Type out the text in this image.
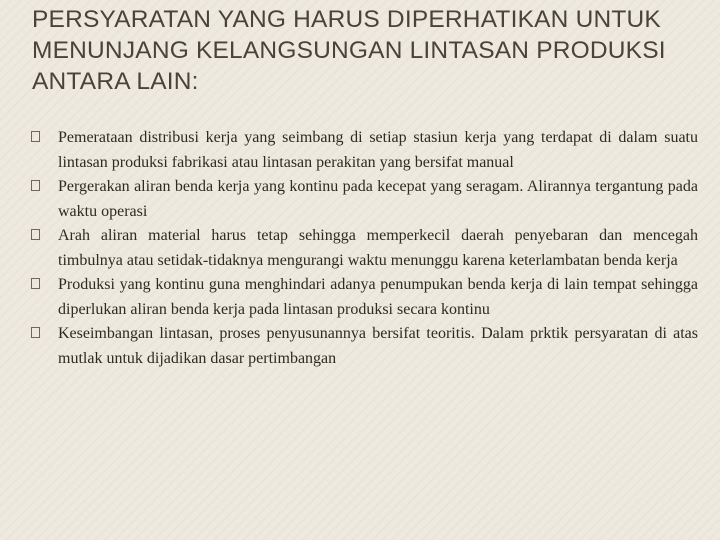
PERSYARATAN YANG HARUS DIPERHATIKAN UNTUK MENUNJANG KELANGSUNGAN LINTASAN PRODUKSI ANTARA LAIN:
Pemerataan distribusi kerja yang seimbang di setiap stasiun kerja yang terdapat di dalam suatu lintasan produksi fabrikasi atau lintasan perakitan yang bersifat manual
Pergerakan aliran benda kerja yang kontinu pada kecepat yang seragam. Alirannya tergantung pada waktu operasi
Arah aliran material harus tetap sehingga memperkecil daerah penyebaran dan mencegah timbulnya atau setidak-tidaknya mengurangi waktu menunggu karena keterlambatan benda kerja
Produksi yang kontinu guna menghindari adanya penumpukan benda kerja di lain tempat sehingga diperlukan aliran benda kerja pada lintasan produksi secara kontinu
Keseimbangan lintasan, proses penyusunannya bersifat teoritis. Dalam prktik persyaratan di atas mutlak untuk dijadikan dasar pertimbangan
